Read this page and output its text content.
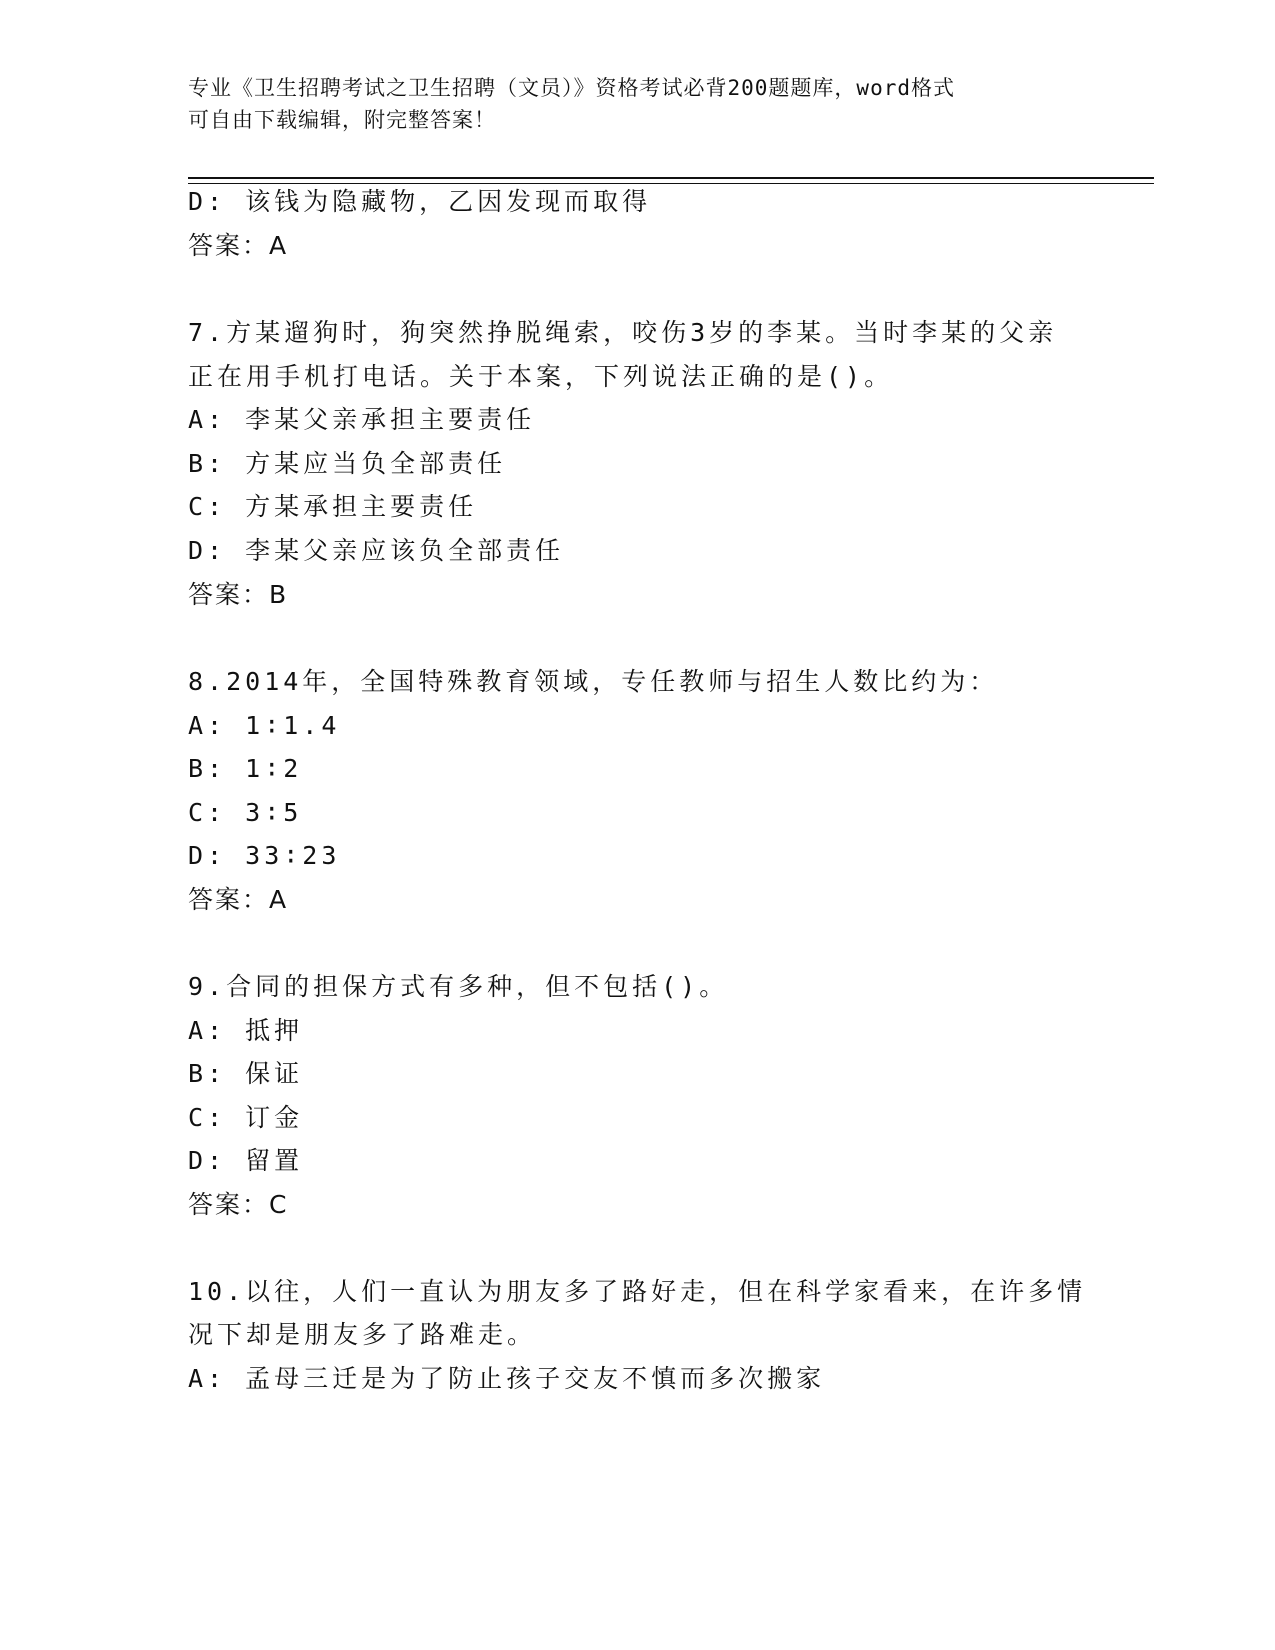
专业《卫生招聘考试之卫生招聘（文员）》资格考试必背200题题库，word格式
可自由下载编辑，附完整答案！
D: 该钱为隐藏物，乙因发现而取得
答案：A
7.方某遛狗时，狗突然挣脱绳索，咬伤3岁的李某。当时李某的父亲
正在用手机打电话。关于本案，下列说法正确的是()。
A: 李某父亲承担主要责任
B: 方某应当负全部责任
C: 方某承担主要责任
D: 李某父亲应该负全部责任
答案：B
8.2014年，全国特殊教育领域，专任教师与招生人数比约为：
A: 1∶1.4
B: 1∶2
C: 3∶5
D: 33∶23
答案：A
9.合同的担保方式有多种，但不包括()。
A: 抵押
B: 保证
C: 订金
D: 留置
答案：C
10.以往，人们一直认为朋友多了路好走，但在科学家看来，在许多情
况下却是朋友多了路难走。
A: 孟母三迁是为了防止孩子交友不慎而多次搬家
